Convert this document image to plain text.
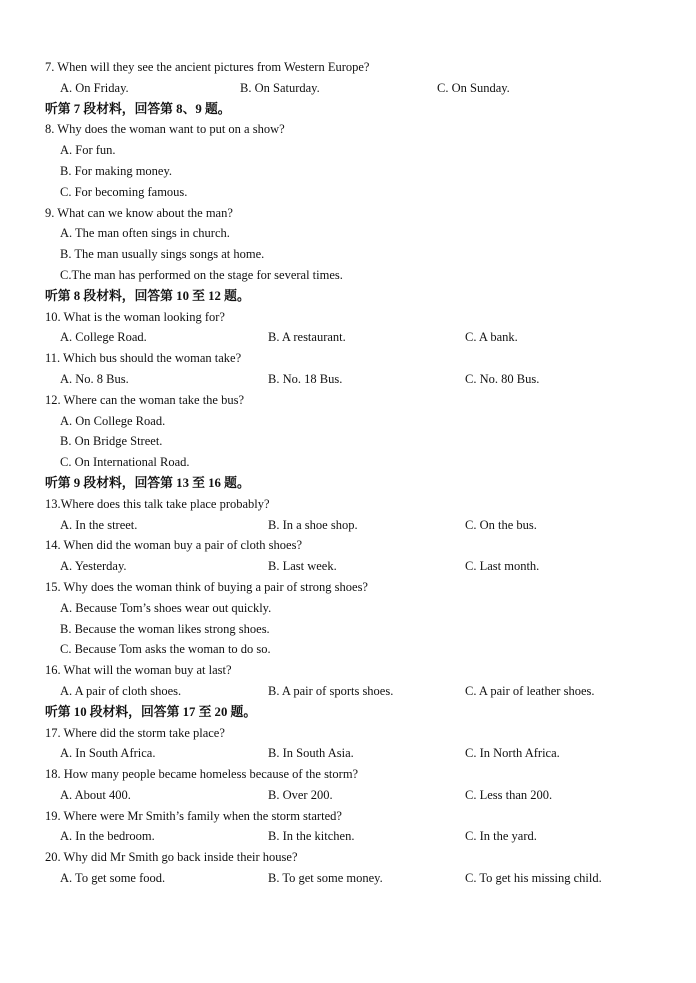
7. When will they see the ancient pictures from Western Europe?
A. On Friday.	B. On Saturday.	C. On Sunday.
听第 7 段材料，回答第 8、9 题。
8. Why does the woman want to put on a show?
A. For fun.
B. For making money.
C. For becoming famous.
9. What can we know about the man?
A. The man often sings in church.
B. The man usually sings songs at home.
C.The man has performed on the stage for several times.
听第 8 段材料，回答第 10 至 12 题。
10. What is the woman looking for?
A. College Road.	B. A restaurant.	C. A bank.
11. Which bus should the woman take?
A. No. 8 Bus.	B. No. 18 Bus.	C. No. 80 Bus.
12. Where can the woman take the bus?
A. On College Road.
B. On Bridge Street.
C. On International Road.
听第 9 段材料，回答第 13 至 16 题。
13.Where does this talk take place probably?
A. In the street.	B. In a shoe shop.	C. On the bus.
14. When did the woman buy a pair of cloth shoes?
A. Yesterday.	B. Last week.	C. Last month.
15. Why does the woman think of buying a pair of strong shoes?
A. Because Tom’s shoes wear out quickly.
B. Because the woman likes strong shoes.
C. Because Tom asks the woman to do so.
16. What will the woman buy at last?
A. A pair of cloth shoes.	B. A pair of sports shoes.	C. A pair of leather shoes.
听第 10 段材料，回答第 17 至 20 题。
17. Where did the storm take place?
A. In South Africa.	B. In South Asia.	C. In North Africa.
18. How many people became homeless because of the storm?
A. About 400.	B. Over 200.	C. Less than 200.
19. Where were Mr Smith’s family when the storm started?
A. In the bedroom.	B. In the kitchen.	C. In the yard.
20. Why did Mr Smith go back inside their house?
A. To get some food.	B. To get some money.	C. To get his missing child.
